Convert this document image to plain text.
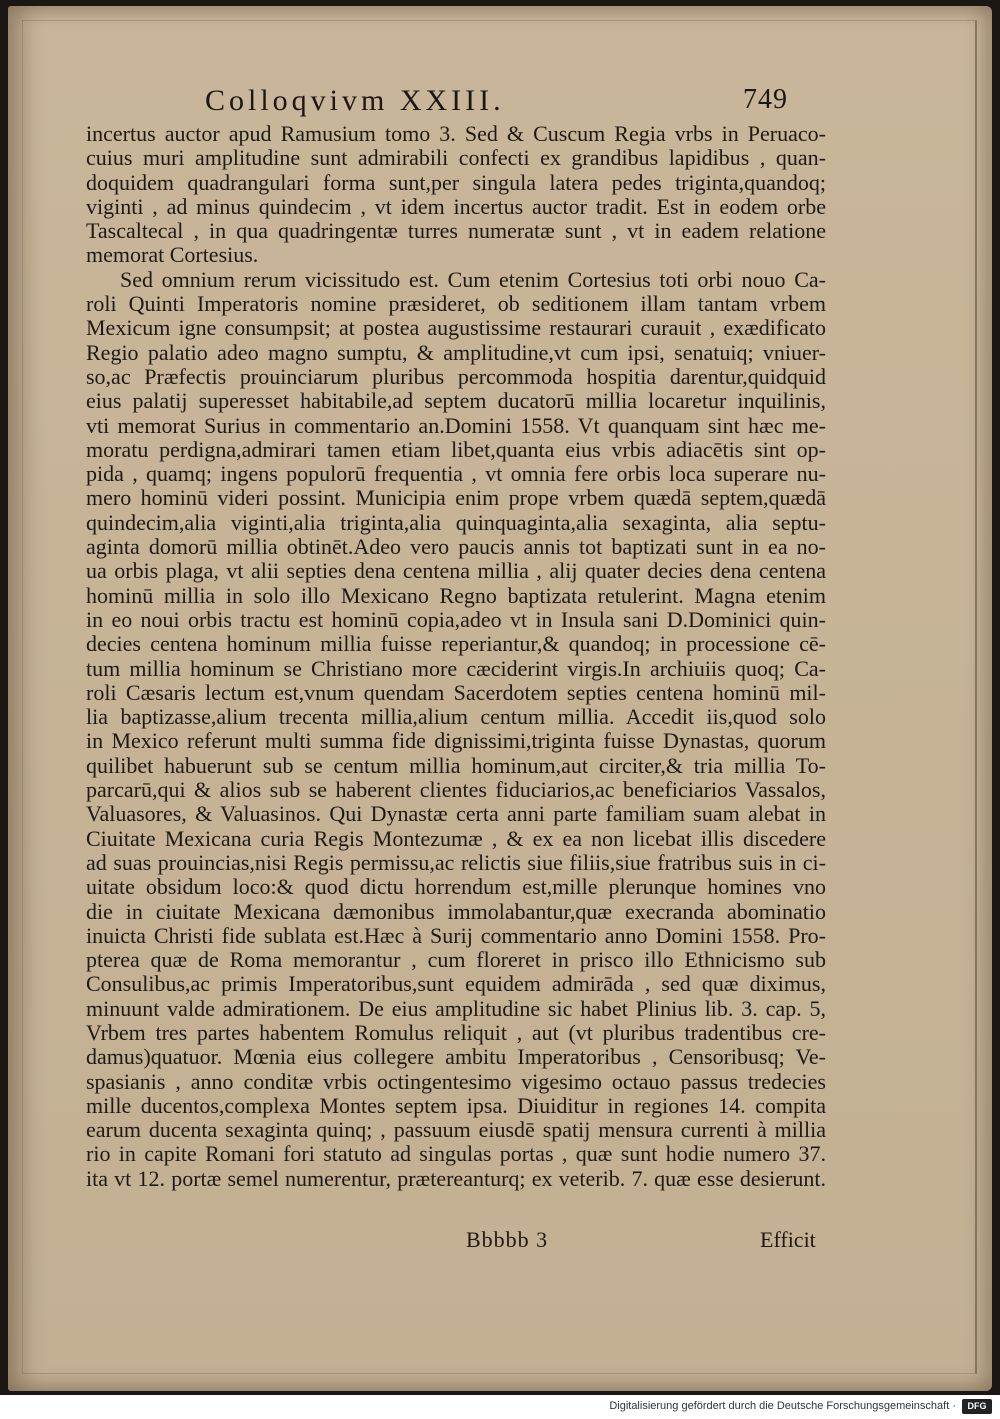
Colloqvivm XXIII.	749
incertus auctor apud Ramusium tomo 3. Sed & Cuscum Regia vrbs in Peruaco-
cuius muri amplitudine sunt admirabili confecti ex grandibus lapidibus , quan-
doquidem quadrangulari forma sunt,per singula latera pedes triginta,quandoq;
viginti , ad minus quindecim , vt idem incertus auctor tradit. Est in eodem orbe
Tascaltecal , in qua quadringentæ turres numeratæ sunt , vt in eadem relatione
memorat Cortesius.
Sed omnium rerum vicissitudo est. Cum etenim Cortesius toti orbi nouo Ca-
roli Quinti Imperatoris nomine præsideret, ob seditionem illam tantam vrbem
Mexicum igne consumpsit; at postea augustissime restaurari curauit , exædificato
Regio palatio adeo magno sumptu, & amplitudine,vt cum ipsi, senatuiq; vniuer-
so,ac Præfectis prouinciarum pluribus percommoda hospitia darentur,quidquid
eius palatij superesset habitabile,ad septem ducatorū millia locaretur inquilinis,
vti memorat Surius in commentario an.Domini 1558. Vt quanquam sint hæc me-
moratu perdigna,admirari tamen etiam libet,quanta eius vrbis adiacētis sint op-
pida , quamq; ingens populorū frequentia , vt omnia fere orbis loca superare nu-
mero hominū videri possint. Municipia enim prope vrbem quædā septem,quædā
quindecim,alia viginti,alia triginta,alia quinquaginta,alia sexaginta, alia septu-
aginta domorū millia obtinēt.Adeo vero paucis annis tot baptizati sunt in ea no-
ua orbis plaga, vt alii septies dena centena millia , alij quater decies dena centena
hominū millia in solo illo Mexicano Regno baptizata retulerint. Magna etenim
in eo noui orbis tractu est hominū copia,adeo vt in Insula sani D.Dominici quin-
decies centena hominum millia fuisse reperiantur,& quandoq; in processione cē-
tum millia hominum se Christiano more cæciderint virgis.In archiuiis quoq; Ca-
roli Cæsaris lectum est,vnum quendam Sacerdotem septies centena hominū mil-
lia baptizasse,alium trecenta millia,alium centum millia. Accedit iis,quod solo
in Mexico referunt multi summa fide dignissimi,triginta fuisse Dynastas, quorum
quilibet habuerunt sub se centum millia hominum,aut circiter,& tria millia To-
parcarū,qui & alios sub se haberent clientes fiduciarios,ac beneficiarios Vassalos,
Valuasores, & Valuasinos. Qui Dynastæ certa anni parte familiam suam alebat in
Ciuitate Mexicana curia Regis Montezumæ , & ex ea non licebat illis discedere
ad suas prouincias,nisi Regis permissu,ac relictis siue filiis,siue fratribus suis in ci-
uitate obsidum loco:& quod dictu horrendum est,mille plerunque homines vno
die in ciuitate Mexicana dæmonibus immolabantur,quæ execranda abominatio
inuicta Christi fide sublata est.Hæc à Surij commentario anno Domini 1558. Pro-
pterea quæ de Roma memorantur , cum floreret in prisco illo Ethnicismo sub
Consulibus,ac primis Imperatoribus,sunt equidem admirāda , sed quæ diximus,
minuunt valde admirationem. De eius amplitudine sic habet Plinius lib. 3. cap. 5,
Vrbem tres partes habentem Romulus reliquit , aut (vt pluribus tradentibus cre-
damus)quatuor. Mœnia eius collegere ambitu Imperatoribus , Censoribusq; Ve-
spasianis , anno conditæ vrbis octingentesimo vigesimo octauo passus tredecies
mille ducentos,complexa Montes septem ipsa. Diuiditur in regiones 14. compita
earum ducenta sexaginta quinq; , passuum eiusdē spatij mensura currenti à millia
rio in capite Romani fori statuto ad singulas portas , quæ sunt hodie numero 37.
ita vt 12. portæ semel numerentur, prætereanturq; ex veterib. 7. quæ esse desierunt.
Bbbbb 3	Efficit
Digitalisierung gefördert durch die Deutsche Forschungsgemeinschaft ·	DFG
